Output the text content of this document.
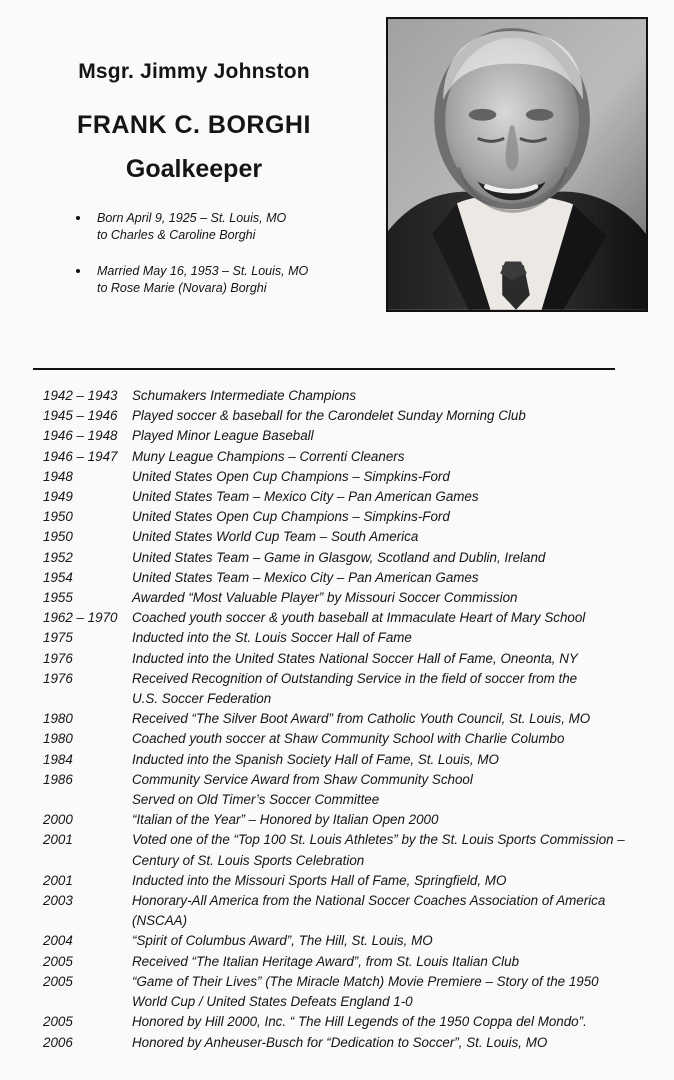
Msgr. Jimmy Johnston
FRANK C. BORGHI
Goalkeeper
Born April 9, 1925 – St. Louis, MO
to Charles & Caroline Borghi
Married May 16, 1953 – St. Louis, MO
to Rose Marie (Novara) Borghi
1942 – 1943	Schumakers Intermediate Champions
1945 – 1946	Played soccer & baseball for the Carondelet Sunday Morning Club
1946 – 1948	Played Minor League Baseball
1946 – 1947	Muny League Champions – Correnti Cleaners
1948	United States Open Cup Champions – Simpkins-Ford
1949	United States Team – Mexico City – Pan American Games
1950	United States Open Cup Champions – Simpkins-Ford
1950	United States World Cup Team – South America
1952	United States Team – Game in Glasgow, Scotland and Dublin, Ireland
1954	United States Team – Mexico City – Pan American Games
1955	Awarded “Most Valuable Player” by Missouri Soccer Commission
1962 – 1970	Coached youth soccer & youth baseball at Immaculate Heart of Mary School
1975	Inducted into the St. Louis Soccer Hall of Fame
1976	Inducted into the United States National Soccer Hall of Fame, Oneonta, NY
1976	Received Recognition of Outstanding Service in the field of soccer from the
U.S. Soccer Federation
1980	Received “The Silver Boot Award” from Catholic Youth Council, St. Louis, MO
1980	Coached youth soccer at Shaw Community School with Charlie Columbo
1984	Inducted into the Spanish Society Hall of Fame, St. Louis, MO
1986	Community Service Award from Shaw Community School
Served on Old Timer’s Soccer Committee
2000	“Italian of the Year” – Honored by Italian Open 2000
2001	Voted one of the “Top 100 St. Louis Athletes” by the St. Louis Sports Commission –
Century of St. Louis Sports Celebration
2001	Inducted into the Missouri Sports Hall of Fame, Springfield, MO
2003	Honorary-All America from the National Soccer Coaches Association of America
(NSCAA)
2004	“Spirit of Columbus Award”, The Hill, St. Louis, MO
2005	Received “The Italian Heritage Award”, from St. Louis Italian Club
2005	“Game of Their Lives” (The Miracle Match) Movie Premiere – Story of the 1950
World Cup / United States Defeats England 1-0
2005	Honored by Hill 2000, Inc. “ The Hill Legends of the 1950 Coppa del Mondo”.
2006	Honored by Anheuser-Busch for “Dedication to Soccer”, St. Louis, MO
